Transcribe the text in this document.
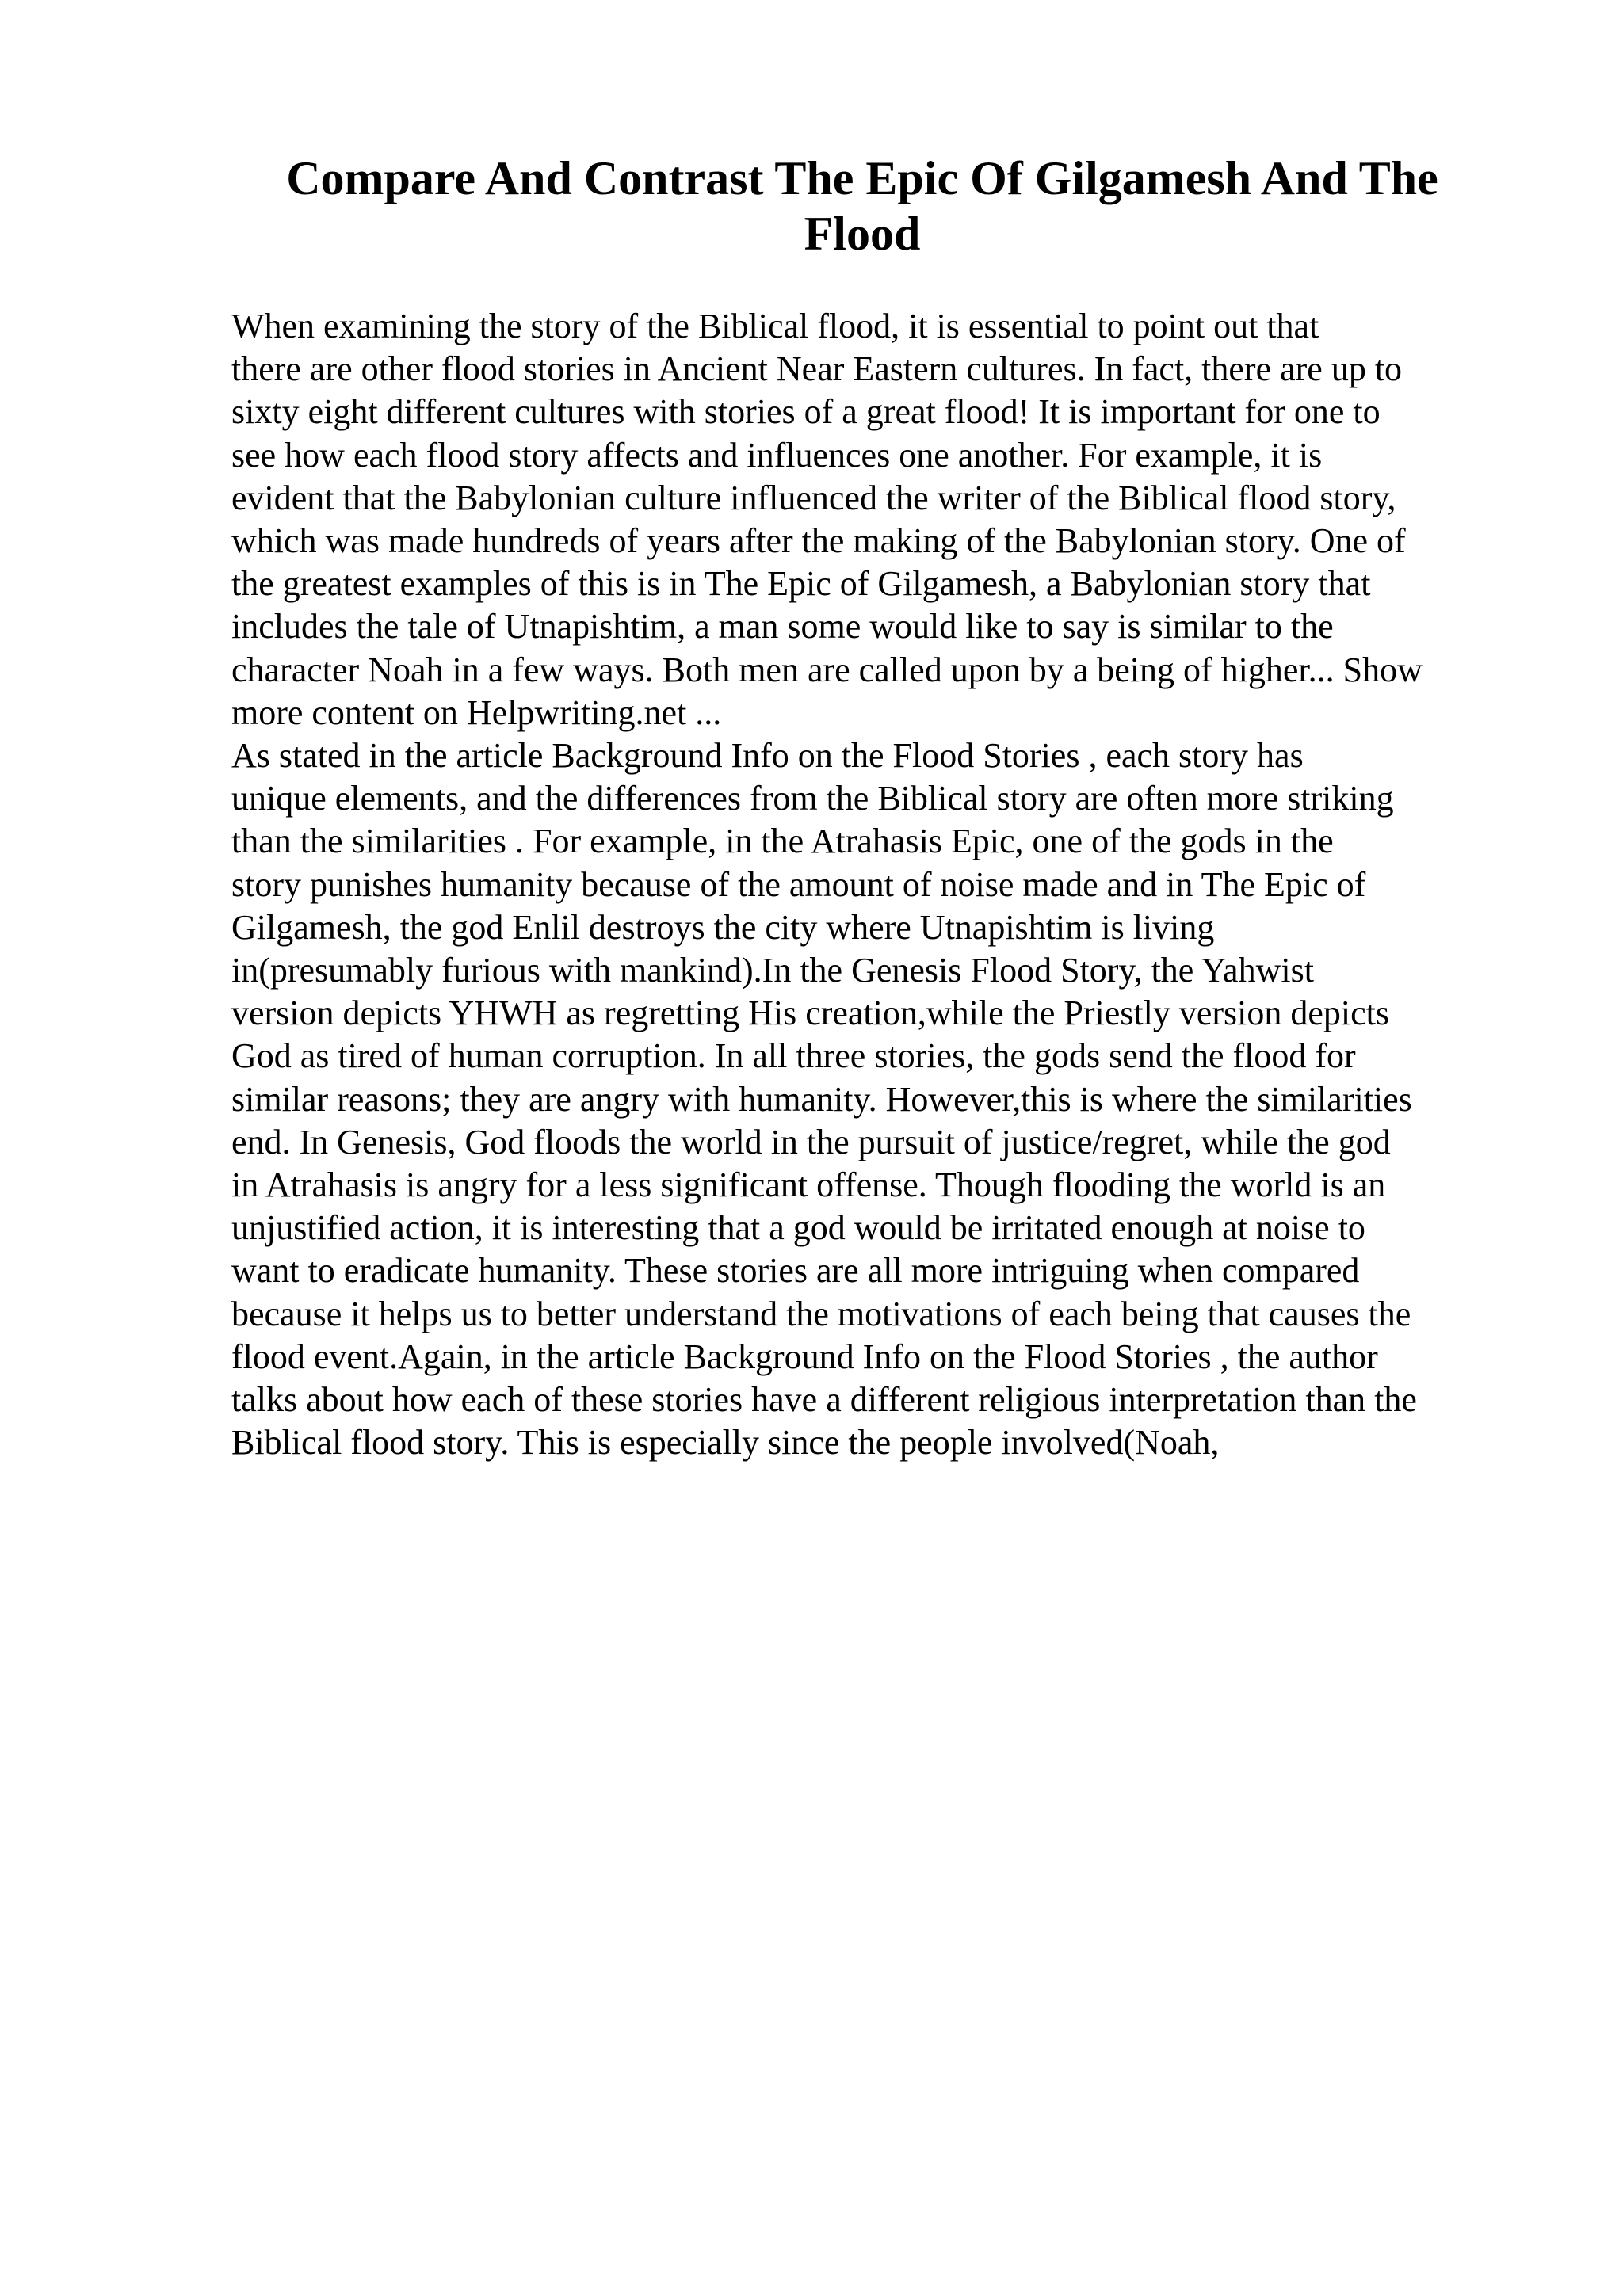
Compare And Contrast The Epic Of Gilgamesh And The Flood
When examining the story of the Biblical flood, it is essential to point out that
there are other flood stories in Ancient Near Eastern cultures. In fact, there are up to
sixty eight different cultures with stories of a great flood! It is important for one to
see how each flood story affects and influences one another. For example, it is
evident that the Babylonian culture influenced the writer of the Biblical flood story,
which was made hundreds of years after the making of the Babylonian story. One of
the greatest examples of this is in The Epic of Gilgamesh, a Babylonian story that
includes the tale of Utnapishtim, a man some would like to say is similar to the
character Noah in a few ways. Both men are called upon by a being of higher... Show
more content on Helpwriting.net ...
As stated in the article Background Info on the Flood Stories , each story has
unique elements, and the differences from the Biblical story are often more striking
than the similarities . For example, in the Atrahasis Epic, one of the gods in the
story punishes humanity because of the amount of noise made and in The Epic of
Gilgamesh, the god Enlil destroys the city where Utnapishtim is living
in(presumably furious with mankind).In the Genesis Flood Story, the Yahwist
version depicts YHWH as regretting His creation,while the Priestly version depicts
God as tired of human corruption. In all three stories, the gods send the flood for
similar reasons; they are angry with humanity. However,this is where the similarities
end. In Genesis, God floods the world in the pursuit of justice/regret, while the god
in Atrahasis is angry for a less significant offense. Though flooding the world is an
unjustified action, it is interesting that a god would be irritated enough at noise to
want to eradicate humanity. These stories are all more intriguing when compared
because it helps us to better understand the motivations of each being that causes the
flood event.Again, in the article Background Info on the Flood Stories , the author
talks about how each of these stories have a different religious interpretation than the
Biblical flood story. This is especially since the people involved(Noah,
